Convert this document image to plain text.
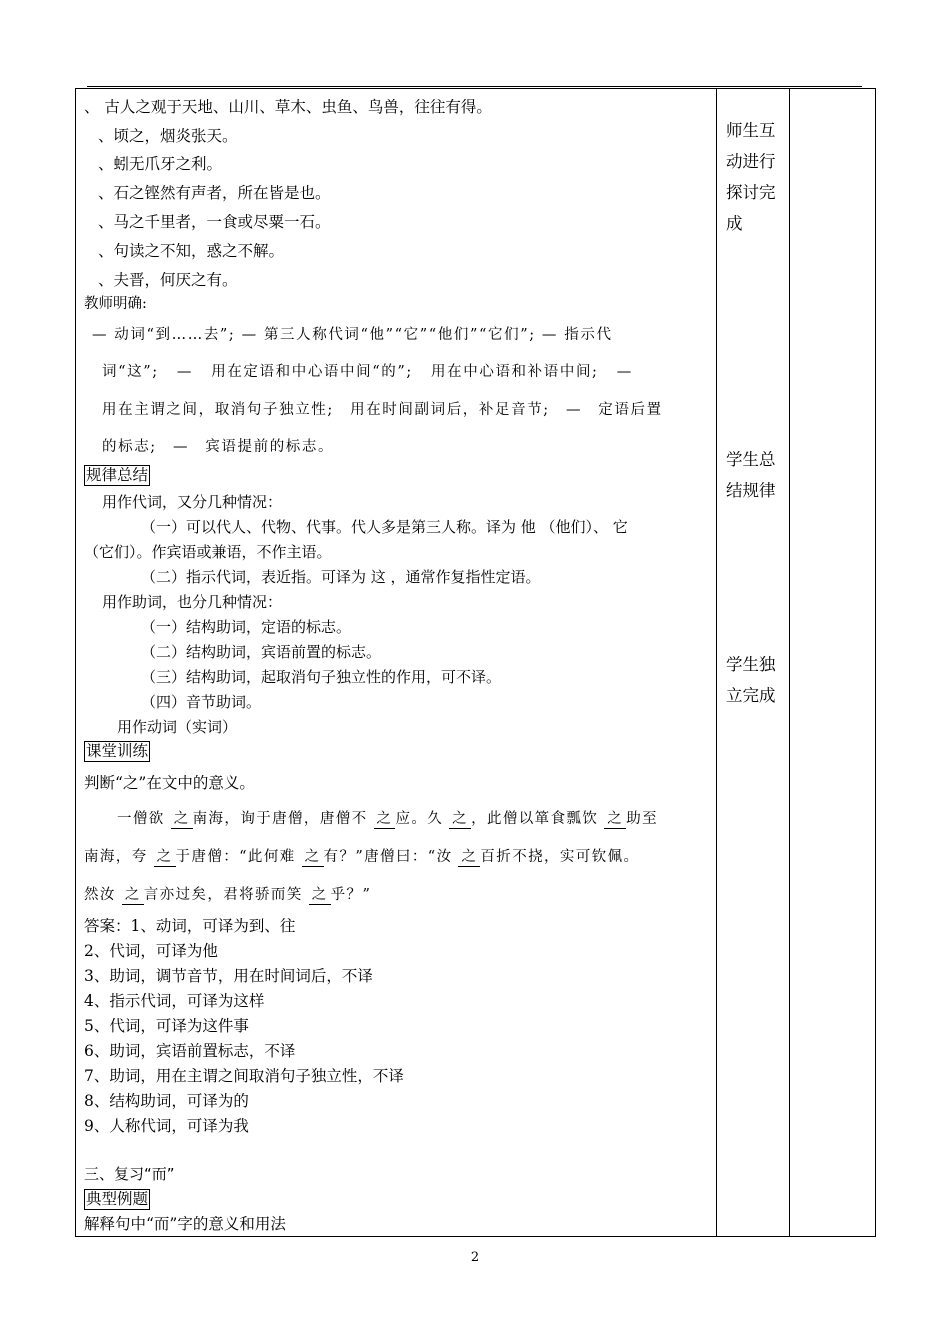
、 古人之观于天地、山川、草木、虫鱼、鸟兽，往往有得。
、顷之，烟炎张天。
、蚓无爪牙之利。
、石之铿然有声者，所在皆是也。
、马之千里者，一食或尽粟一石。
、句读之不知，惑之不解。
、夫晋，何厌之有。
教师明确:
— 动词“到……去”; — 第三人称代词“他”“它”“他们”“它们”; — 指示代
词“这”; — 用在定语和中心语中间“的”; 用在中心语和补语中间; —
用在主谓之间，取消句子独立性; 用在时间副词后，补足音节; — 定语后置
的标志; — 宾语提前的标志。
规律总结
用作代词，又分几种情况：
（一）可以代人、代物、代事。代人多是第三人称。译为 他 （他们）、 它
（它们）。作宾语或兼语，不作主语。
（二）指示代词，表近指。可译为 这 ，通常作复指性定语。
用作助词，也分几种情况：
（一）结构助词，定语的标志。
（二）结构助词，宾语前置的标志。
（三）结构助词，起取消句子独立性的作用，可不译。
（四）音节助词。
用作动词（实词）
课堂训练
判断“之”在文中的意义。
一僧欲 之 南海，询于唐僧，唐僧不 之 应。久 之 ，此僧以箪食瓢饮 之 助至
南海，夸 之 于唐僧：“此何难 之 有？”唐僧曰：“汝 之 百折不挠，实可钦佩。
然汝 之 言亦过矣，君将骄而笑 之 乎？”
答案：1、动词，可译为到、往
2、代词，可译为他
3、助词，调节音节，用在时间词后，不译
4、指示代词，可译为这样
5、代词，可译为这件事
6、助词，宾语前置标志，不译
7、助词，用在主谓之间取消句子独立性，不译
8、结构助词，可译为的
9、人称代词，可译为我
三、复习“而”
典型例题
解释句中“而”字的意义和用法
师生互
动进行
探讨完
成
学生总
结规律
学生独
立完成
2
